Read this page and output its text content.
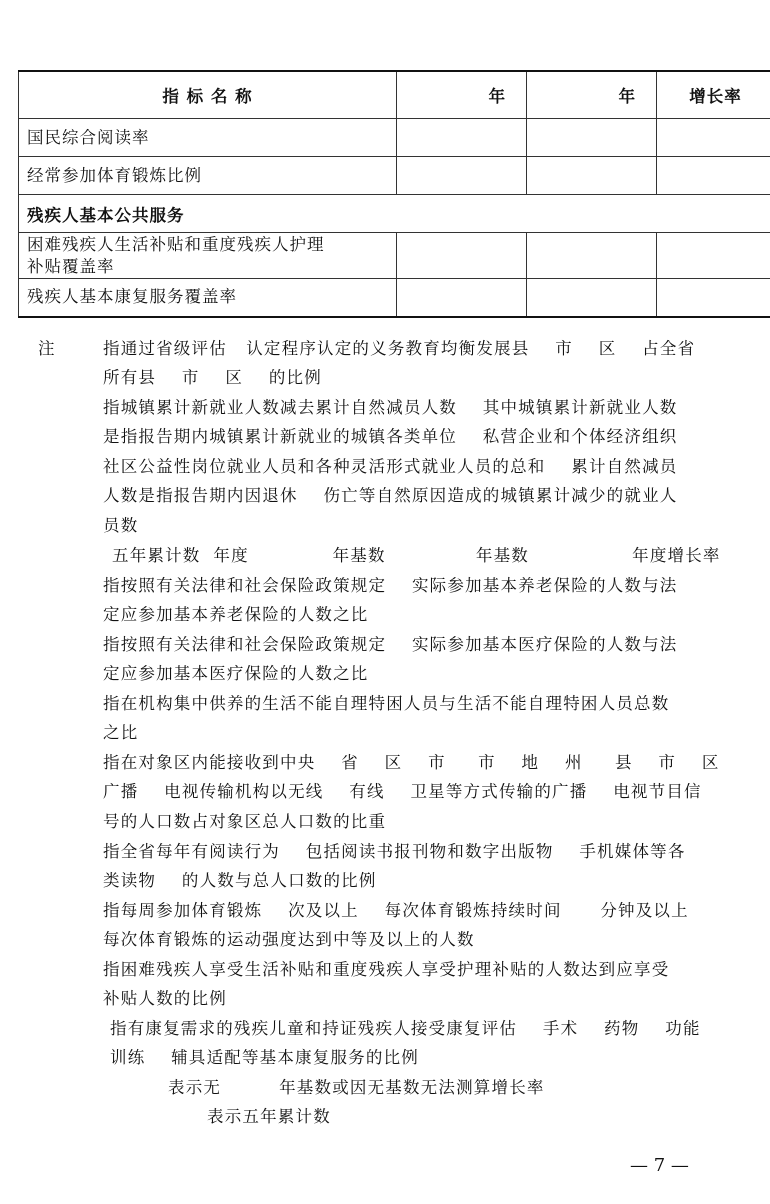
指 标 名 称	年	年	增长率
国民综合阅读率			
经常参加体育锻炼比例			
残疾人基本公共服务			
困难残疾人生活补贴和重度残疾人护理
补贴覆盖率			
残疾人基本康复服务覆盖率			
注	指通过省级评估   认定程序认定的义务教育均衡发展县    市    区    占全省
所有县    市    区    的比例
指城镇累计新就业人数减去累计自然减员人数    其中城镇累计新就业人数
是指报告期内城镇累计新就业的城镇各类单位    私营企业和个体经济组织
社区公益性岗位就业人员和各种灵活形式就业人员的总和    累计自然减员
人数是指报告期内因退休    伤亡等自然原因造成的城镇累计减少的就业人
员数
五年累计数  年度             年基数              年基数                年度增长率
指按照有关法律和社会保险政策规定    实际参加基本养老保险的人数与法
定应参加基本养老保险的人数之比
指按照有关法律和社会保险政策规定    实际参加基本医疗保险的人数与法
定应参加基本医疗保险的人数之比
指在机构集中供养的生活不能自理特困人员与生活不能自理特困人员总数
之比
指在对象区内能接收到中央    省    区    市     市    地    州     县    市    区
广播    电视传输机构以无线    有线    卫星等方式传输的广播    电视节目信
号的人口数占对象区总人口数的比重
指全省每年有阅读行为    包括阅读书报刊物和数字出版物    手机媒体等各
类读物    的人数与总人口数的比例
指每周参加体育锻炼    次及以上    每次体育锻炼持续时间      分钟及以上
每次体育锻炼的运动强度达到中等及以上的人数
指困难残疾人享受生活补贴和重度残疾人享受护理补贴的人数达到应享受
补贴人数的比例
指有康复需求的残疾儿童和持证残疾人接受康复评估    手术    药物    功能
训练    辅具适配等基本康复服务的比例
表示无         年基数或因无基数无法测算增长率
表示五年累计数
— 7 —
